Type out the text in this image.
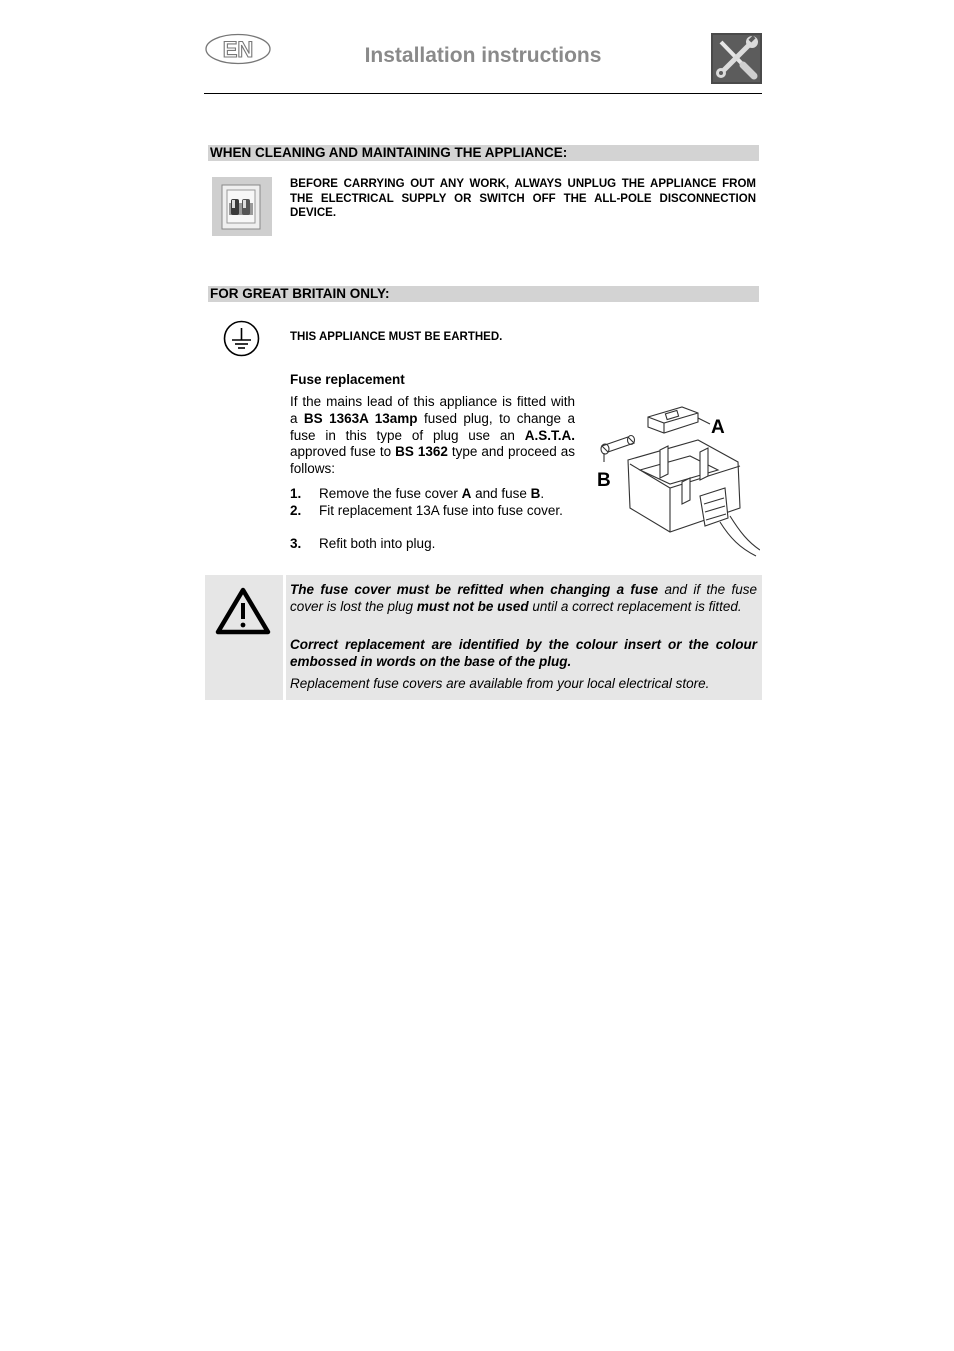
EN	Installation instructions
WHEN CLEANING AND MAINTAINING THE APPLIANCE:
BEFORE CARRYING OUT ANY WORK, ALWAYS UNPLUG THE APPLIANCE FROM THE ELECTRICAL SUPPLY OR SWITCH OFF THE ALL-POLE DISCONNECTION DEVICE.
FOR GREAT BRITAIN ONLY:
THIS APPLIANCE MUST BE EARTHED.
Fuse replacement
If the mains lead of this appliance is fitted with a BS 1363A 13amp fused plug, to change a fuse in this type of plug use an A.S.T.A. approved fuse to BS 1362 type and proceed as follows:
1. Remove the fuse cover A and fuse B.
2. Fit replacement 13A fuse into fuse cover.
3. Refit both into plug.
A
B
The fuse cover must be refitted when changing a fuse and if the fuse cover is lost the plug must not be used until a correct replacement is fitted.
Correct replacement are identified by the colour insert or the colour embossed in words on the base of the plug.
Replacement fuse covers are available from your local electrical store.
